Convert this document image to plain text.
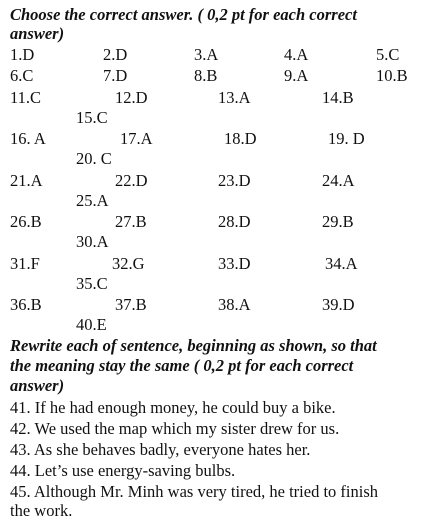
Choose the correct answer. ( 0,2 pt for each correct
answer)
1.D	2.D	3.A	4.A	5.C
6.C	7.D	8.B	9.A	10.B
11.C	12.D	13.A	14.B
15.C
16. A	17.A	18.D	19. D
20. C
21.A	22.D	23.D	24.A
25.A
26.B	27.B	28.D	29.B
30.A
31.F	32.G	33.D	34.A
35.C
36.B	37.B	38.A	39.D
40.E
Rewrite each of sentence, beginning as shown, so that
the meaning stay the same ( 0,2 pt for each correct
answer)
41. If he had enough money, he could buy a bike.
42. We used the map which my sister drew for us.
43. As she behaves badly, everyone hates her.
44. Let’s use energy-saving bulbs.
45. Although Mr. Minh was very tired, he tried to finish
the work.
